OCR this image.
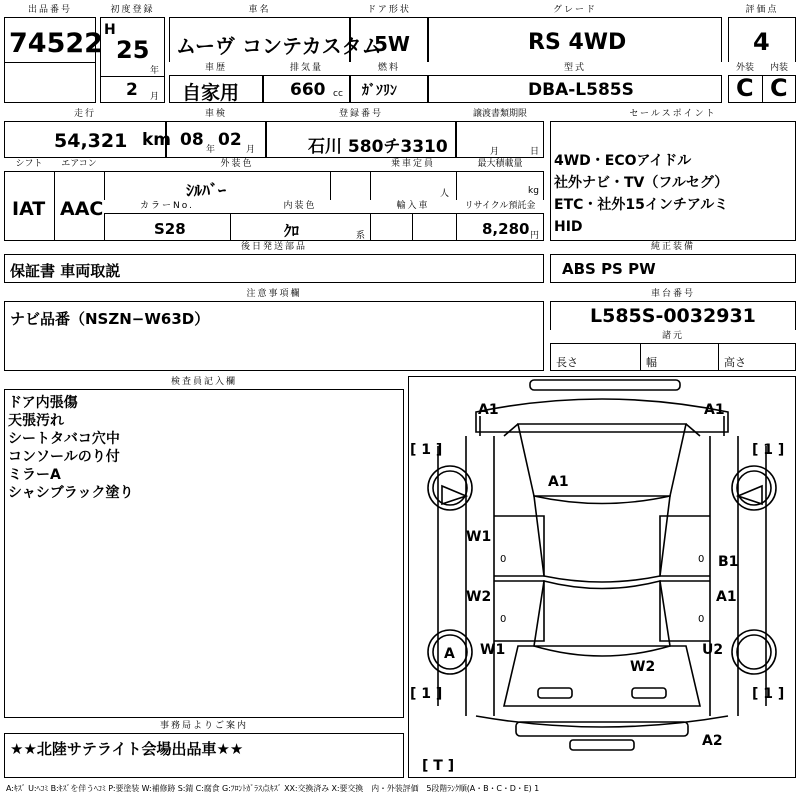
出品番号
74522
初度登録
H
25
年
2 月
車名
ムーヴ コンテカスタム
ドア形状
5W
グレード
RS 4WD
評価点
4
外装	内装
C C
車歴
自家用
排気量
660 cc
燃料
ｶﾞｿﾘﾝ
型式
DBA-L585S
走行
54,321 km
車検
08 年 02 月
登録番号
石川 580チ3310
譲渡書類期限
月	日
セールスポイント
4WD・ECOアイドル
社外ナビ・TV（フルセグ）
ETC・社外15インチアルミ
HID
シフト	エアコン
IAT AAC
外装色
ｼﾙﾊﾞｰ
乗車定員
人
最大積載量
kg
カラーNo.
S28
内装色
ｸﾛ	系
輸入車	リサイクル預託金
8,280 円
後日発送部品
保証書 車両取説
純正装備
ABS PS PW
注意事項欄
ナビ品番（NSZN−W63D）
車台番号
L585S-0032931
諸元
長さ	幅	高さ
検査員記入欄
ドア内張傷
天張汚れ
シートタバコ穴中
コンソールのり付
ミラーA
シャシブラック塗り
事務局よりご案内
★★北陸サテライト会場出品車★★
A1	A1
A1
W1
B1
W2	A1
A W1	U2
W2
A2
0	0
0	0
[ 1 ]	[ 1 ]
[ 1 ]	[ 1 ]
[ T ]
A:ｷｽﾞ U:ﾍｺﾐ B:ｷｽﾞを伴うﾍｺﾐ P:要塗装 W:補修跡 S:錆 C:腐食 G:ﾌﾛﾝﾄｶﾞﾗｽ点ｷｽﾞ XX:交換済み X:要交換　内・外装評価　5段階ﾗﾝｸ順(A・B・C・D・E) 1
